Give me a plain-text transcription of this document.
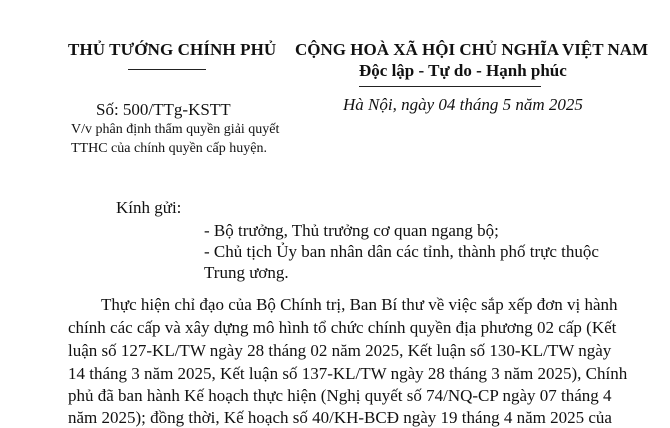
THỦ TƯỚNG CHÍNH PHỦ CỘNG HOÀ XÃ HỘI CHỦ NGHĨA VIỆT NAM
Độc lập - Tự do - Hạnh phúc
Số: 500/TTg-KSTT	Hà Nội, ngày 04 tháng 5 năm 2025
V/v phân định thẩm quyền giải quyết
TTHC của chính quyền cấp huyện.
Kính gửi:
- Bộ trưởng, Thủ trưởng cơ quan ngang bộ;
- Chủ tịch Ủy ban nhân dân các tỉnh, thành phố trực thuộc
Trung ương.
Thực hiện chỉ đạo của Bộ Chính trị, Ban Bí thư về việc sắp xếp đơn vị hành
chính các cấp và xây dựng mô hình tổ chức chính quyền địa phương 02 cấp (Kết
luận số 127-KL/TW ngày 28 tháng 02 năm 2025, Kết luận số 130-KL/TW ngày
14 tháng 3 năm 2025, Kết luận số 137-KL/TW ngày 28 tháng 3 năm 2025), Chính
phủ đã ban hành Kế hoạch thực hiện (Nghị quyết số 74/NQ-CP ngày 07 tháng 4
năm 2025); đồng thời, Kế hoạch số 40/KH-BCĐ ngày 19 tháng 4 năm 2025 của
